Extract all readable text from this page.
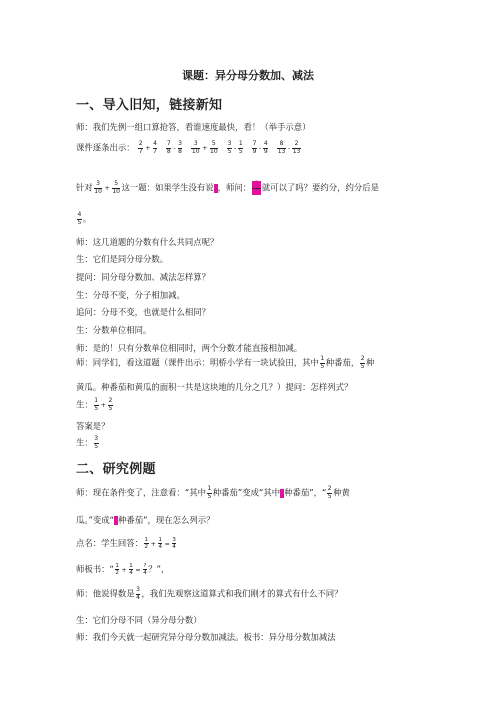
课题：异分母分数加、减法
一、导入旧知，链接新知
师：我们先例一组口算抢答，看谁速度最快，看！（举手示意）
课件逐条出示： $\frac{2}{7} + \frac{4}{7} \frac{7}{8} - \frac{3}{8} \frac{3}{10} + \frac{5}{10} \frac{3}{5} - \frac{1}{5} \frac{7}{9} - \frac{4}{9} \frac{8}{13} - \frac{2}{13}$
针对 $\frac{3}{10} + \frac{5}{10}$ 这一题：如果学生没有说 ，师问： $\frac{0}{00}$ 就可以了吗？要约分，约分后是
$\frac{4}{5}$ 。
师：这几道题的分数有什么共同点呢？
生：它们是同分母分数。
提问：同分母分数加、减法怎样算？
生：分母不变，分子相加减。
追问：分母不变，也就是什么相同？
生：分数单位相同。
师：是的！只有分数单位相同时，两个分数才能直接相加减。
师：同学们，看这道题（课件出示：明桥小学有一块试验田，其中 $\frac{1}{5}$ 种番茄， $\frac{2}{5}$ 种
黄瓜。种番茄和黄瓜的面积一共是这块地的几分之几？）提问：怎样列式？
生： $\frac{1}{5} + \frac{2}{5}$
答案是？
生： $\frac{3}{5}$
二、研究例题
师：现在条件变了，注意看：“其中 $\frac{1}{5}$ 种番茄”变成“其中 种番茄”，“ $\frac{2}{5}$ 种黄
瓜。”变成“ 种番茄”，现在怎么列示？
点名：学生回答： $\frac{1}{2} + \frac{1}{4} = \frac{3}{4}$
师板书：“ $\frac{1}{2} + \frac{1}{4} = \frac{?}{4}$ ？”，
师：他说得数是 $\frac{3}{4}$ ，我们先观察这道算式和我们刚才的算式有什么不同？
生：它们分母不同（异分母分数）
师：我们今天就一起研究异分母分数加减法。板书：异分母分数加减法
